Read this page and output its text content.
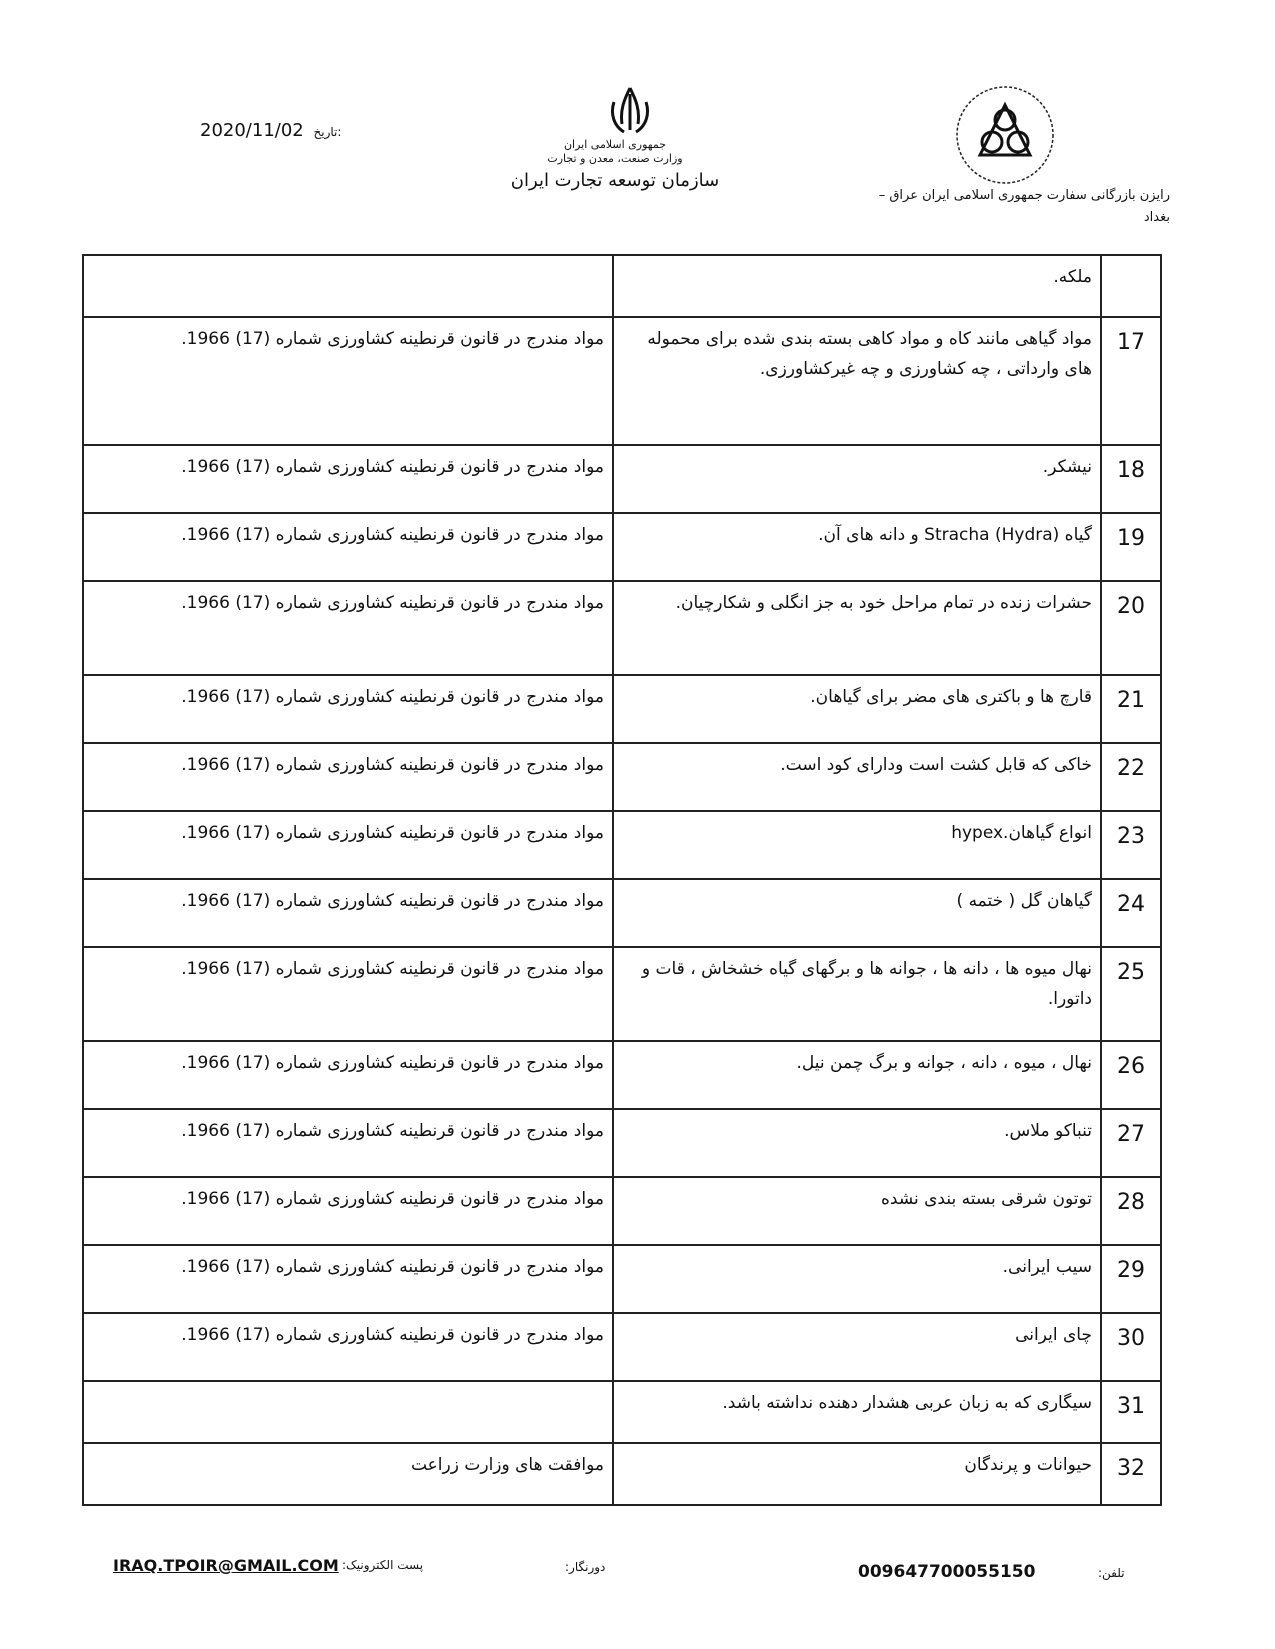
2020/11/02 تاریخ:
جمهوری اسلامی ایران
وزارت صنعت، معدن و تجارت
سازمان توسعه تجارت ایران
رایزن بازرگانی سفارت جمهوری اسلامی ایران عراق –
بغداد
	ملکه.	
17	مواد گیاهی مانند کاه و مواد کاهی بسته بندی شده برای محموله های وارداتی ، چه کشاورزی و چه غیرکشاورزی.	مواد مندرج در قانون قرنطینه کشاورزی شماره (17) 1966.
18	نیشکر.	مواد مندرج در قانون قرنطینه کشاورزی شماره (17) 1966.
19	گیاه Stracha (Hydra) و دانه های آن.	مواد مندرج در قانون قرنطینه کشاورزی شماره (17) 1966.
20	حشرات زنده در تمام مراحل خود به جز انگلی و شکارچیان.	مواد مندرج در قانون قرنطینه کشاورزی شماره (17) 1966.
21	قارچ ها و باکتری های مضر برای گیاهان.	مواد مندرج در قانون قرنطینه کشاورزی شماره (17) 1966.
22	خاکی که قابل کشت است ودارای کود است.	مواد مندرج در قانون قرنطینه کشاورزی شماره (17) 1966.
23	انواع گیاهان.hypex	مواد مندرج در قانون قرنطینه کشاورزی شماره (17) 1966.
24	گیاهان گل ( ختمه )	مواد مندرج در قانون قرنطینه کشاورزی شماره (17) 1966.
25	نهال میوه ها ، دانه ها ، جوانه ها و برگهای گیاه خشخاش ، قات و داتورا.	مواد مندرج در قانون قرنطینه کشاورزی شماره (17) 1966.
26	نهال ، میوه ، دانه ، جوانه و برگ چمن نیل.	مواد مندرج در قانون قرنطینه کشاورزی شماره (17) 1966.
27	تنباکو ملاس.	مواد مندرج در قانون قرنطینه کشاورزی شماره (17) 1966.
28	توتون شرقی بسته بندی نشده	مواد مندرج در قانون قرنطینه کشاورزی شماره (17) 1966.
29	سیب ایرانی.	مواد مندرج در قانون قرنطینه کشاورزی شماره (17) 1966.
30	چای ایرانی	مواد مندرج در قانون قرنطینه کشاورزی شماره (17) 1966.
31	سیگاری که به زبان عربی هشدار دهنده نداشته باشد.	
32	حیوانات و پرندگان	موافقت های وزارت زراعت
تلفن:
009647700055150
دورنگار:
پست الکترونیک:
IRAQ.TPOIR@GMAIL.COM
